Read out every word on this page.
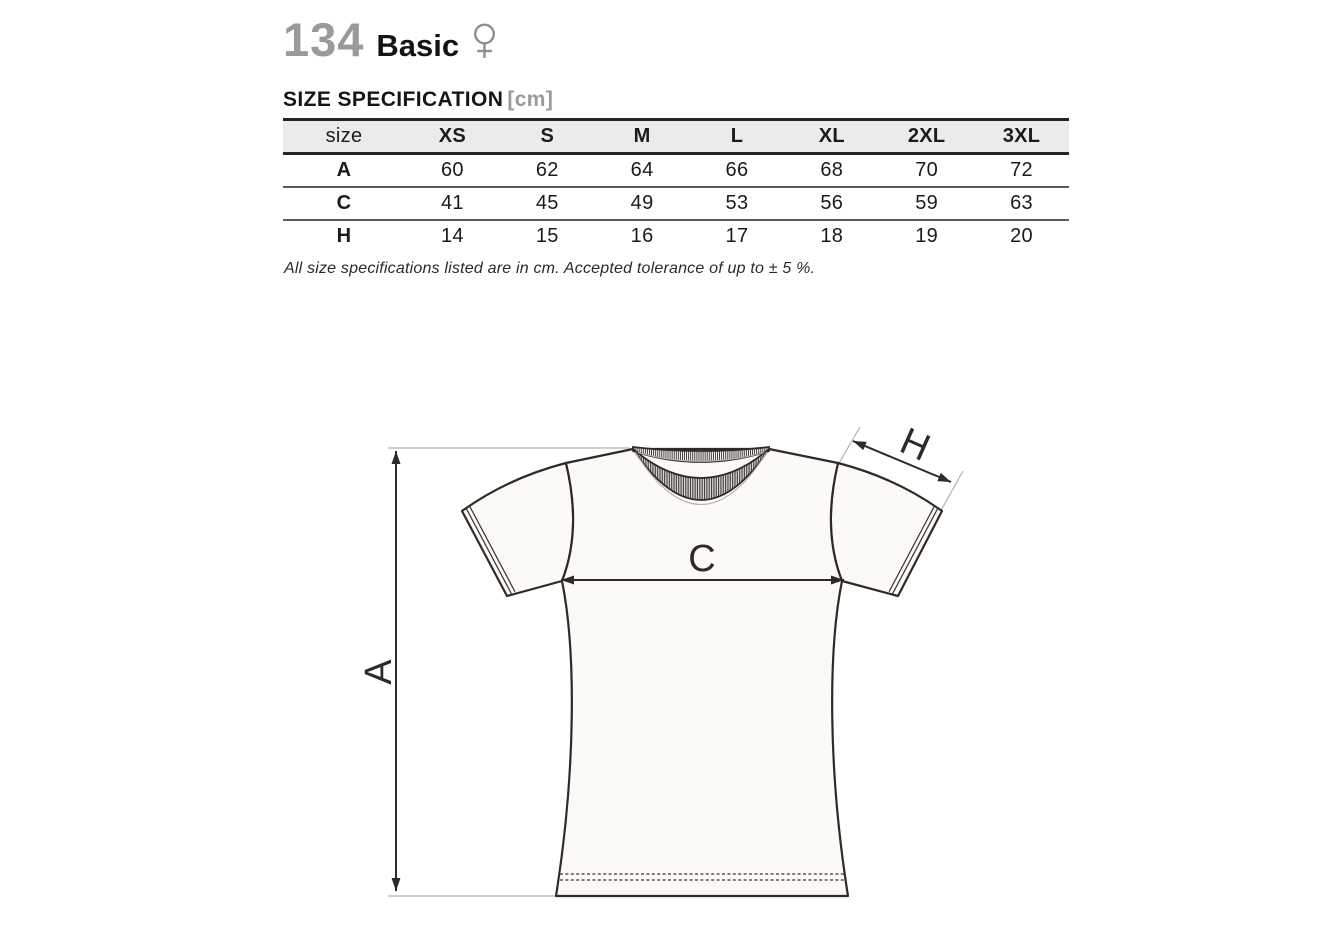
134 Basic
SIZE SPECIFICATION [cm]
size	XS	S	M	L	XL	2XL	3XL
A	60	62	64	66	68	70	72
C	41	45	49	53	56	59	63
H	14	15	16	17	18	19	20

All size specifications listed are in cm. Accepted tolerance of up to ± 5 %.

A
C
H
